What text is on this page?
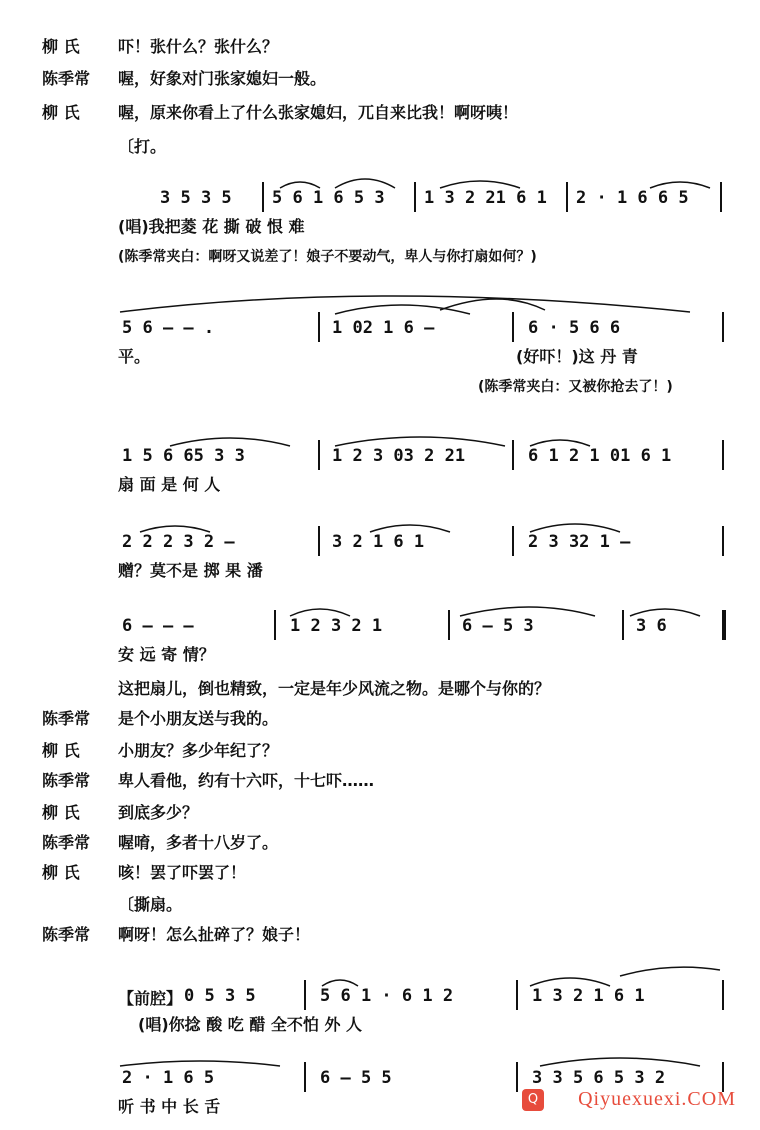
柳 氏	吓！张什么？张什么？
陈季常	喔，好象对门张家媳妇一般。
柳 氏	喔，原来你看上了什么张家媳妇，兀自来比我！啊呀咦！
〔打。
3 5 3 5 5 6 1 6 5 3 1 3 2 21 6 1 2 · 1 6 6 5
(唱)我把菱 花 撕 破 恨 难
(陈季常夹白：啊呀又说差了！娘子不要动气，卑人与你打扇如何？)
5 6 – – .	1 02 1 6 –	6 · 5 6 6
平。	(好吓！)这 丹 青
(陈季常夹白：又被你抢去了！)
1 5 6 65 3 3	1 2 3 03 2 21	6 1 2 1 01 6 1
扇 面 是 何 人
2 2 2 3 2 –	3 2 1 6 1	2 3 32 1 –
赠？莫不是 掷 果 潘
6 – – –	1 2 3 2 1	6 – 5 3	3 6
安 远 寄 情？
这把扇儿，倒也精致，一定是年少风流之物。是哪个与你的？
陈季常	是个小朋友送与我的。
柳 氏	小朋友？多少年纪了？
陈季常	卑人看他，约有十六吓，十七吓……
柳 氏	到底多少？
陈季常	喔唷，多者十八岁了。
柳 氏	咳！罢了吓罢了！
〔撕扇。
陈季常	啊呀！怎么扯碎了？娘子！
【前腔】 0 5 3 5	5 6 1 · 6 1 2	1 3 2 1 6 1
(唱)你捻 酸 吃 醋 全不怕 外 人
2 · 1 6 5	6 – 5 5	3 3 5 6 5 3 2
听 书 中 长 舌	Q Qiyuexuexi.COM
